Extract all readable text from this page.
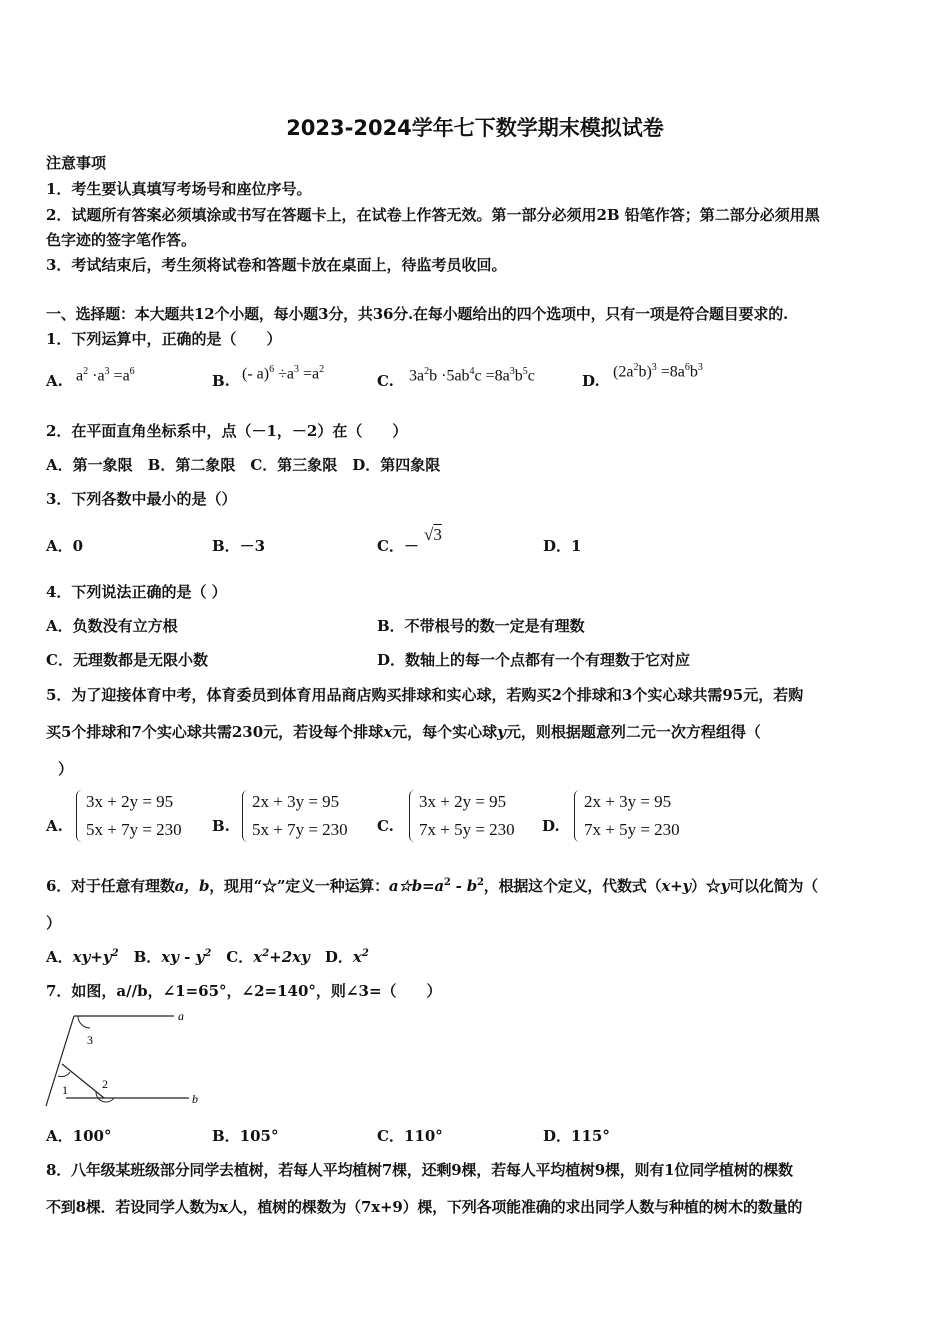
2023-2024学年七下数学期末模拟试卷
注意事项
1．考生要认真填写考场号和座位序号。
2．试题所有答案必须填涂或书写在答题卡上，在试卷上作答无效。第一部分必须用2B 铅笔作答；第二部分必须用黑
色字迹的签字笔作答。
3．考试结束后，考生须将试卷和答题卡放在桌面上，待监考员收回。
一、选择题：本大题共12个小题，每小题3分，共36分.在每小题给出的四个选项中，只有一项是符合题目要求的.
1．下列运算中，正确的是（　　）
A. $a^2 \cdot a^3 =a^6$
B. (- $a)^6 \div a^3 =a^2$
C. $3a^2b \cdot 5ab^4c =8a^3b^5c$	D.
$(2a^2b)^3 =8a^6b^3$
2．在平面直角坐标系中，点（－1，－2）在（　　）
A．第一象限　B．第二象限　C．第三象限　D．第四象限
3．下列各数中最小的是（）
A．0	B．－3	C．－
√3
D．1
4．下列说法正确的是（ ）
A．负数没有立方根	B．不带根号的数一定是有理数
C．无理数都是无限小数	D．数轴上的每一个点都有一个有理数于它对应
5．为了迎接体育中考，体育委员到体育用品商店购买排球和实心球，若购买2个排球和3个实心球共需95元，若购
买5个排球和7个实心球共需230元，若设每个排球x元，每个实心球y元，则根据题意列二元一次方程组得（
）
A.
3x + 2y = 95
5x + 7y = 230 B.
2x + 3y = 95
5x + 7y = 230 C.
3x + 2y = 95
7x + 5y = 230 D.
2x + 3y = 95
7x + 5y = 230
6．对于任意有理数a，b，现用“☆”定义一种运算：$a☆b=a^2 - b^2$，根据这个定义，代数式（x+y）☆y可以化简为（
）
A．$xy+y^2$　 B．xy - $y^2$　 C．$x^2+2xy$　 D．$x^2$
7．如图，a//b，∠1=65°，∠2=140°，则∠3=（　　）
3
1	2
a
b
A．100°	B．105°	C．110°	D．115°
8．八年级某班级部分同学去植树，若每人平均植树7棵，还剩9棵，若每人平均植树9棵，则有1位同学植树的棵数
不到8棵．若设同学人数为x人，植树的棵数为（7x+9）棵，下列各项能准确的求出同学人数与种植的树木的数量的
